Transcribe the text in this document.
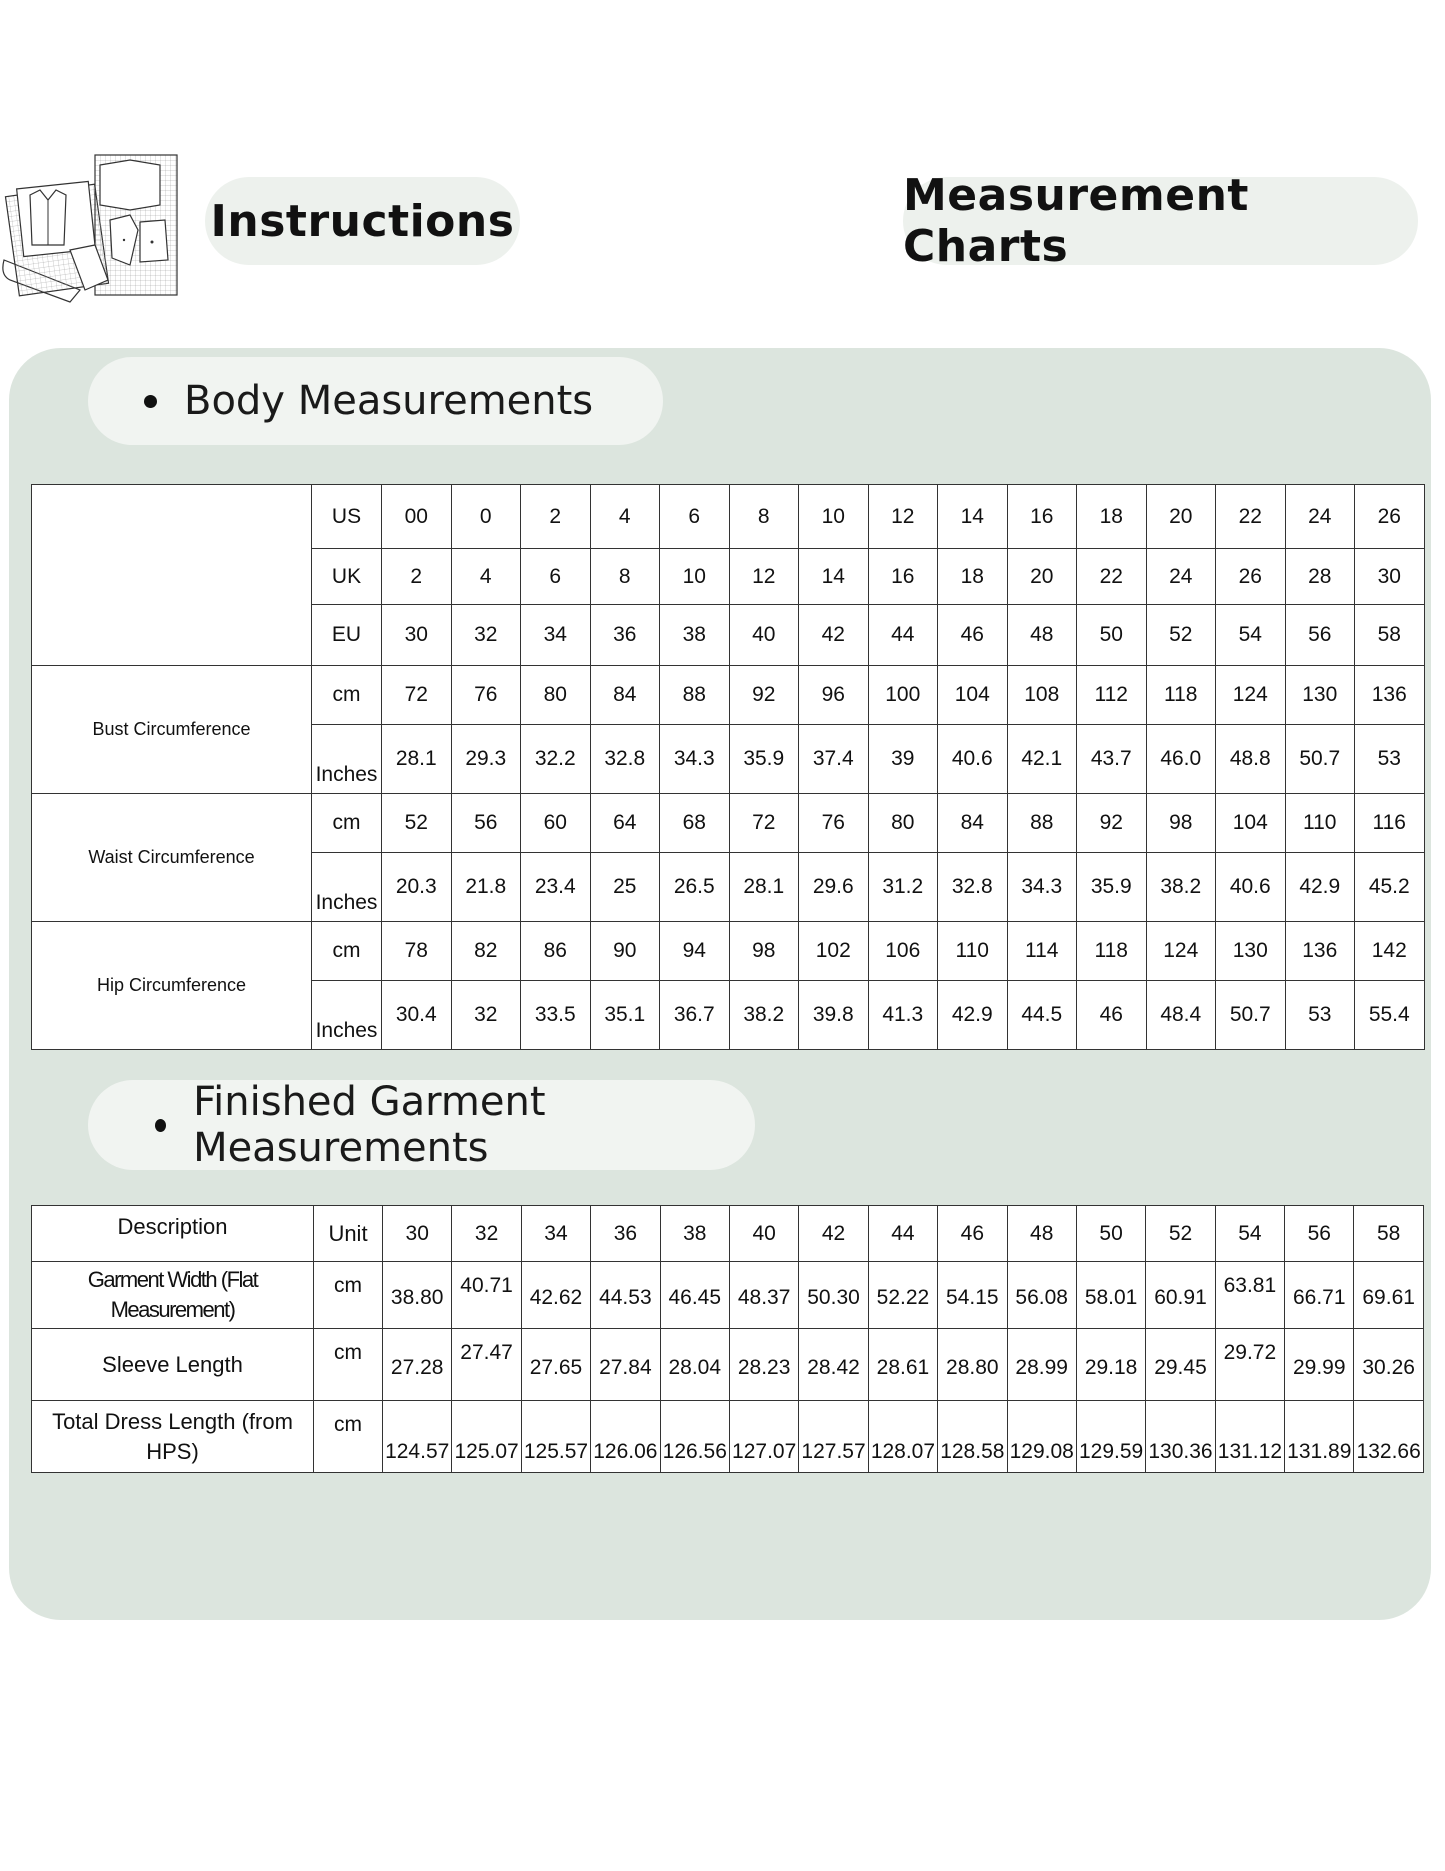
Instructions	Measurement Charts
Body Measurements
	US	00	0	2	4	6	8	10	12	14	16	18	20	22	24	26
	UK	2	4	6	8	10	12	14	16	18	20	22	24	26	28	30
	EU	30	32	34	36	38	40	42	44	46	48	50	52	54	56	58
Bust Circumference	cm	72	76	80	84	88	92	96	100	104	108	112	118	124	130	136
	Inches	28.1	29.3	32.2	32.8	34.3	35.9	37.4	39	40.6	42.1	43.7	46.0	48.8	50.7	53
Waist Circumference	cm	52	56	60	64	68	72	76	80	84	88	92	98	104	110	116
	Inches	20.3	21.8	23.4	25	26.5	28.1	29.6	31.2	32.8	34.3	35.9	38.2	40.6	42.9	45.2
Hip Circumference	cm	78	82	86	90	94	98	102	106	110	114	118	124	130	136	142
	Inches	30.4	32	33.5	35.1	36.7	38.2	39.8	41.3	42.9	44.5	46	48.4	50.7	53	55.4
Finished Garment Measurements
Description	Unit	30	32	34	36	38	40	42	44	46	48	50	52	54	56	58
Garment Width (Flat Measurement)	cm	38.80	40.71	42.62	44.53	46.45	48.37	50.30	52.22	54.15	56.08	58.01	60.91	63.81	66.71	69.61
Sleeve Length	cm	27.28	27.47	27.65	27.84	28.04	28.23	28.42	28.61	28.80	28.99	29.18	29.45	29.72	29.99	30.26
Total Dress Length (from HPS)	cm	124.57	125.07	125.57	126.06	126.56	127.07	127.57	128.07	128.58	129.08	129.59	130.36	131.12	131.89	132.66
